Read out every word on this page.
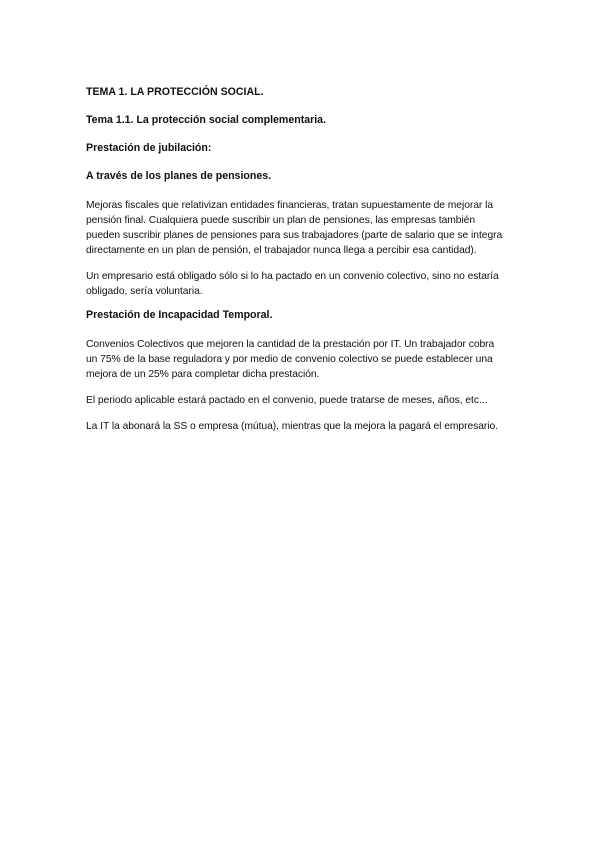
TEMA 1. LA PROTECCIÓN SOCIAL.

Tema 1.1. La protección social complementaria.

Prestación de jubilación:

A través de los planes de pensiones.

Mejoras fiscales que relativizan entidades financieras, tratan supuestamente de mejorar la
pensión final. Cualquiera puede suscribir un plan de pensiones, las empresas también
pueden suscribir planes de pensiones para sus trabajadores (parte de salario que se integra
directamente en un plan de pensión, el trabajador nunca llega a percibir esa cantidad).

Un empresario está obligado sólo si lo ha pactado en un convenio colectivo, sino no estaría
obligado, sería voluntaria.

Prestación de Incapacidad Temporal.

Convenios Colectivos que mejoren la cantidad de la prestación por IT. Un trabajador cobra
un 75% de la base reguladora y por medio de convenio colectivo se puede establecer una
mejora de un 25% para completar dicha prestación.

El periodo aplicable estará pactado en el convenio, puede tratarse de meses, años, etc...

La IT la abonará la SS o empresa (mútua), mientras que la mejora la pagará el empresario.
